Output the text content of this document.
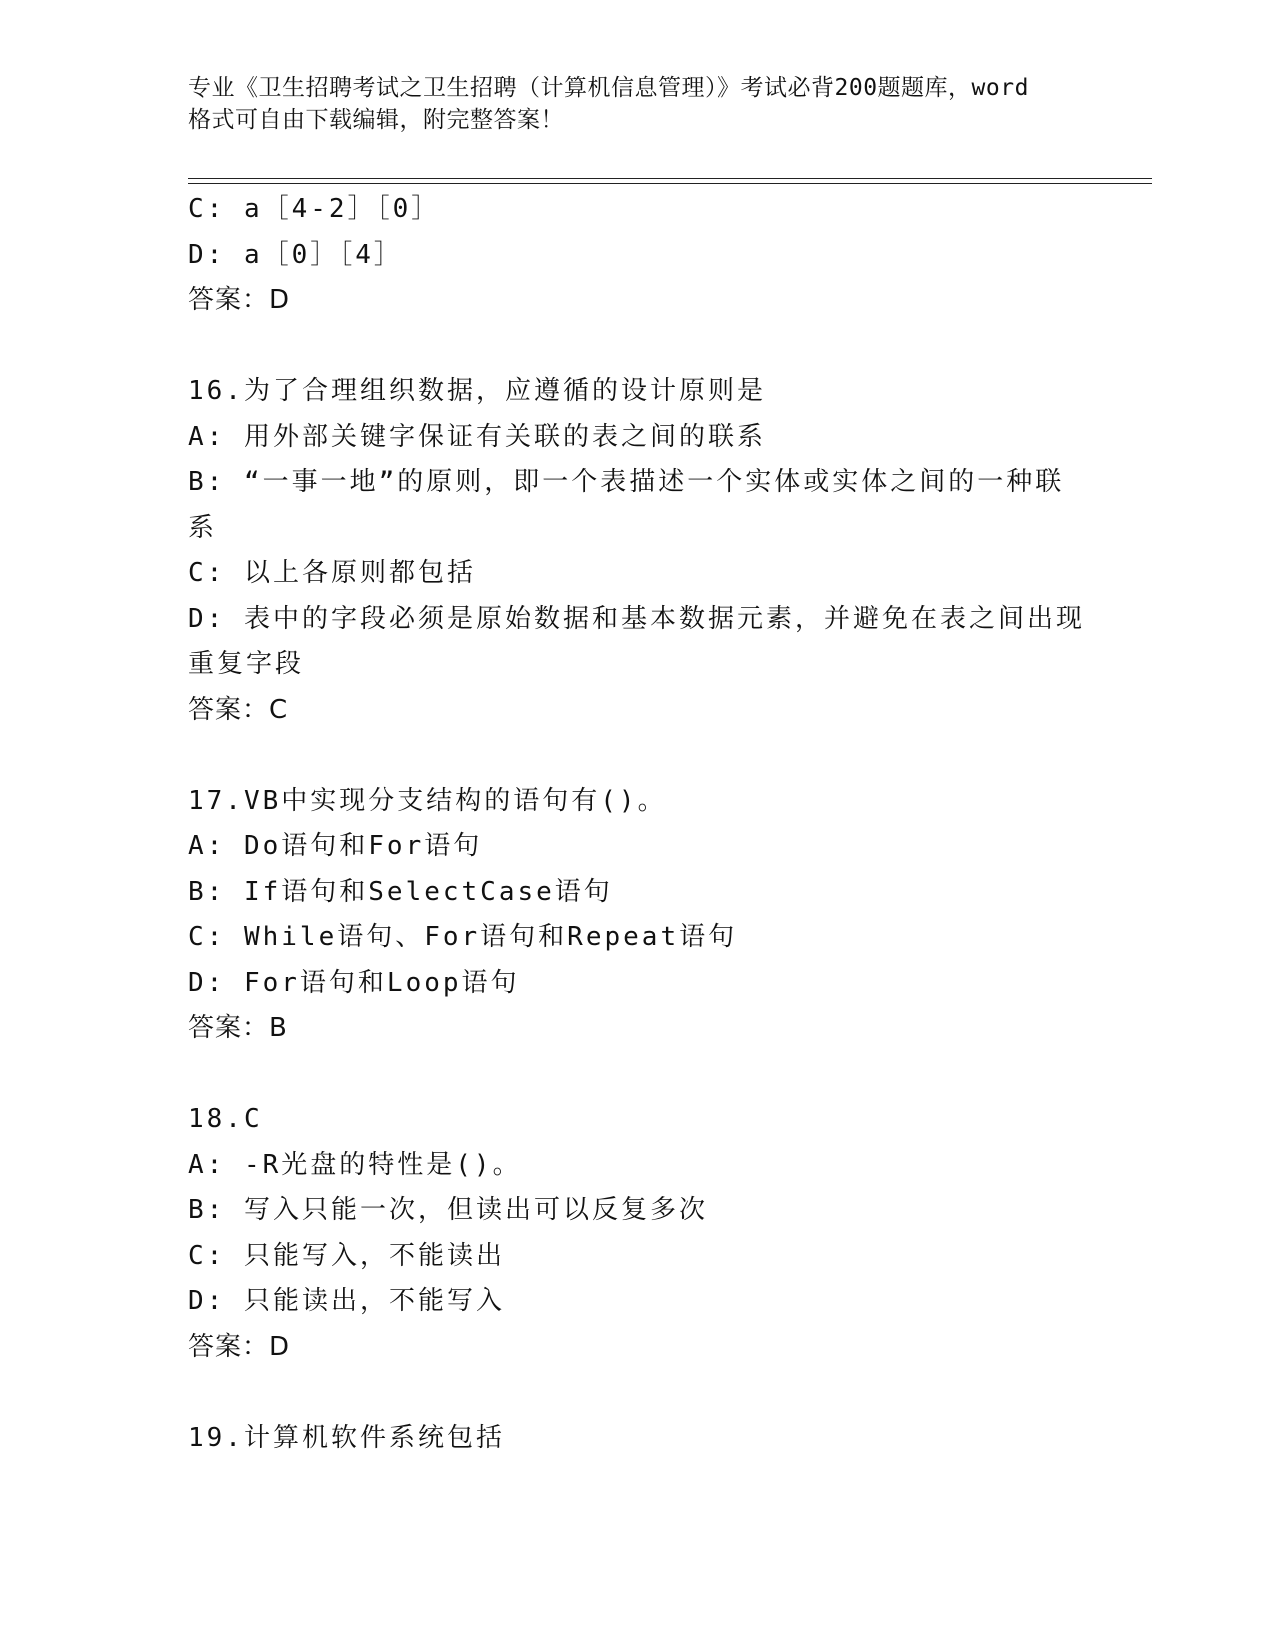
专业《卫生招聘考试之卫生招聘（计算机信息管理）》考试必背200题题库，word
格式可自由下载编辑，附完整答案！
C: a［4-2］［0］
D: a［0］［4］
答案：D
16.为了合理组织数据，应遵循的设计原则是
A: 用外部关键字保证有关联的表之间的联系
B: “一事一地”的原则，即一个表描述一个实体或实体之间的一种联
系
C: 以上各原则都包括
D: 表中的字段必须是原始数据和基本数据元素，并避免在表之间出现
重复字段
答案：C
17.VB中实现分支结构的语句有()。
A: Do语句和For语句
B: If语句和SelectCase语句
C: While语句、For语句和Repeat语句
D: For语句和Loop语句
答案：B
18.C
A: -R光盘的特性是()。
B: 写入只能一次，但读出可以反复多次
C: 只能写入，不能读出
D: 只能读出，不能写入
答案：D
19.计算机软件系统包括
